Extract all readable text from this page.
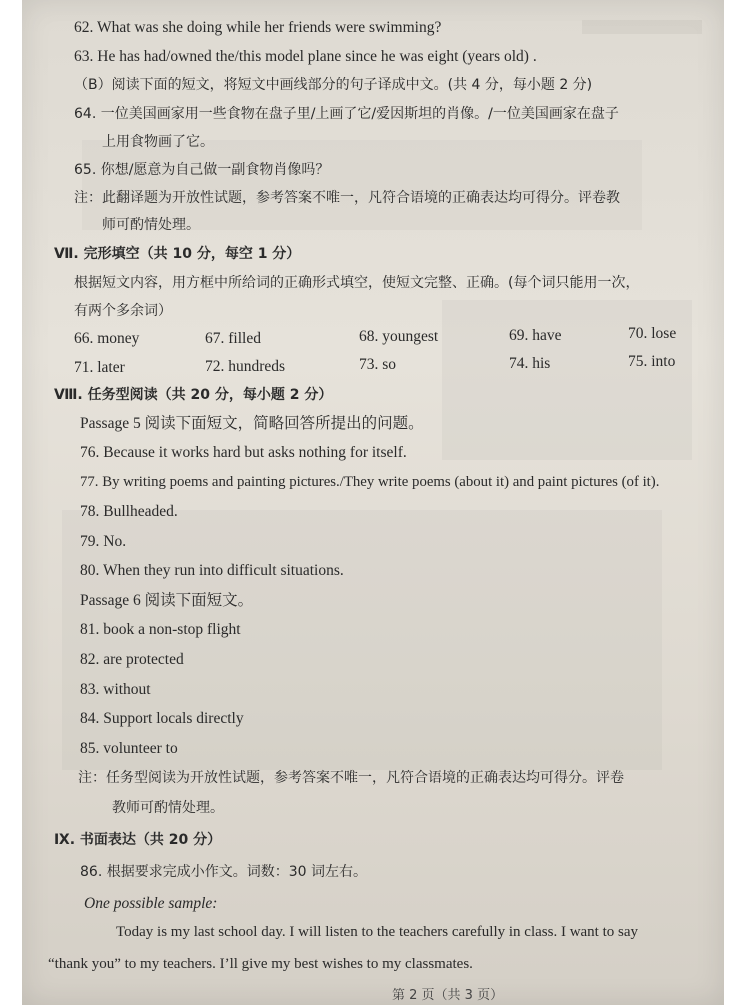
62. What was she doing while her friends were swimming?
63. He has had/owned the/this model plane since he was eight (years old) .
（B）阅读下面的短文，将短文中画线部分的句子译成中文。(共 4 分，每小题 2 分)
64. 一位美国画家用一些食物在盘子里/上画了它/爱因斯坦的肖像。/一位美国画家在盘子
上用食物画了它。
65. 你想/愿意为自己做一副食物肖像吗？
注：此翻译题为开放性试题，参考答案不唯一，凡符合语境的正确表达均可得分。评卷教
师可酌情处理。
Ⅶ. 完形填空（共 10 分，每空 1 分）
根据短文内容，用方框中所给词的正确形式填空，使短文完整、正确。(每个词只能用一次，
有两个多余词）
66. money	67. filled	68. youngest	69. have	70. lose
71. later	72. hundreds	73. so	74. his	75. into
Ⅷ. 任务型阅读（共 20 分，每小题 2 分）
Passage 5 阅读下面短文，简略回答所提出的问题。
76. Because it works hard but asks nothing for itself.
77. By writing poems and painting pictures./They write poems (about it) and paint pictures (of it).
78. Bullheaded.
79. No.
80. When they run into difficult situations.
Passage 6 阅读下面短文。
81. book a non-stop flight
82. are protected
83. without
84. Support locals directly
85. volunteer to
注：任务型阅读为开放性试题，参考答案不唯一，凡符合语境的正确表达均可得分。评卷
教师可酌情处理。
Ⅸ. 书面表达（共 20 分）
86. 根据要求完成小作文。词数：30 词左右。
One possible sample:
Today is my last school day. I will listen to the teachers carefully in class. I want to say
“thank you” to my teachers. I’ll give my best wishes to my classmates.
第 2 页（共 3 页）
